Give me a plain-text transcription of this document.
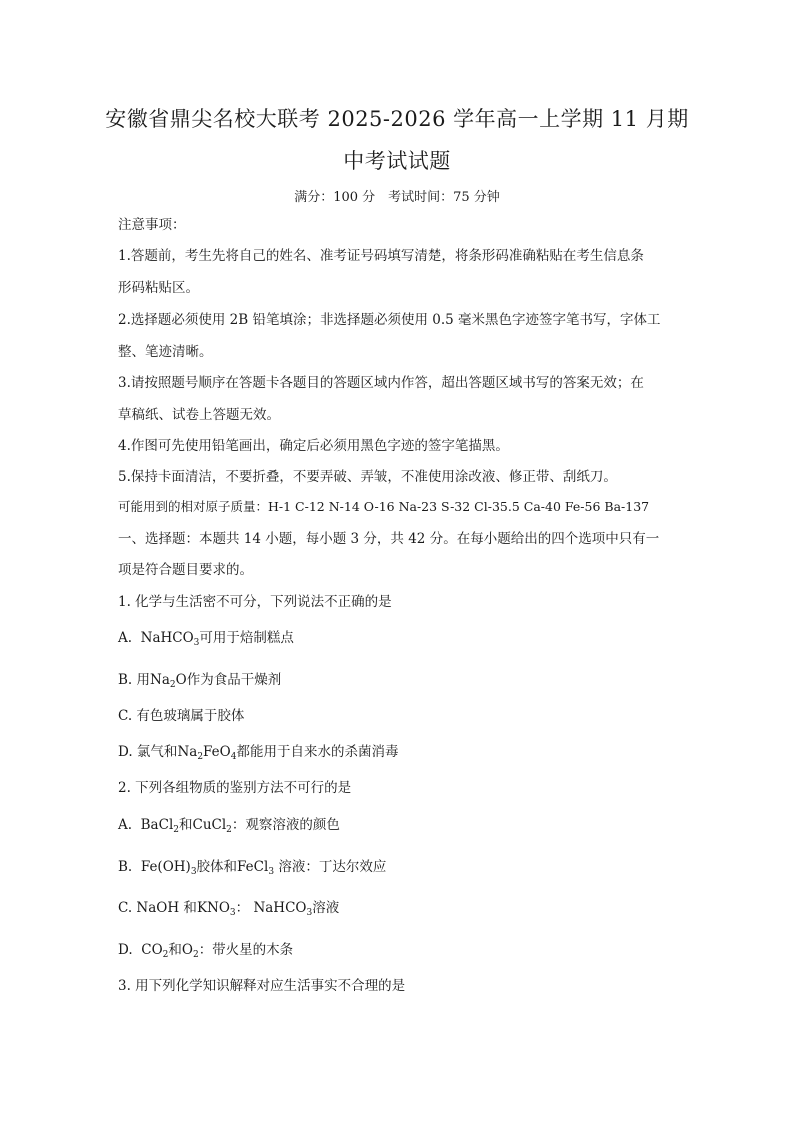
安徽省鼎尖名校大联考 2025-2026 学年高一上学期 11 月期
中考试试题
满分：100 分　考试时间：75 分钟
注意事项：
1.答题前，考生先将自己的姓名、准考证号码填写清楚，将条形码准确粘贴在考生信息条
形码粘贴区。
2.选择题必须使用 2B 铅笔填涂；非选择题必须使用 0.5 毫米黑色字迹签字笔书写，字体工
整、笔迹清晰。
3.请按照题号顺序在答题卡各题目的答题区域内作答，超出答题区域书写的答案无效；在
草稿纸、试卷上答题无效。
4.作图可先使用铅笔画出，确定后必须用黑色字迹的签字笔描黑。
5.保持卡面清洁，不要折叠，不要弄破、弄皱，不准使用涂改液、修正带、刮纸刀。
可能用到的相对原子质量：H-1 C-12 N-14 O-16 Na-23 S-32 Cl-35.5 Ca-40 Fe-56 Ba-137
一、选择题：本题共 14 小题，每小题 3 分，共 42 分。在每小题给出的四个选项中只有一
项是符合题目要求的。
1. 化学与生活密不可分，下列说法不正确的是
A. NaHCO$_3$可用于焙制糕点
B. 用$Na_2O$作为食品干燥剂
C. 有色玻璃属于胶体
D. 氯气和$Na_2FeO_4$都能用于自来水的杀菌消毒
2. 下列各组物质的鉴别方法不可行的是
A. BaCl$_2$和CuCl$_2$：观察溶液的颜色
B. $Fe(OH)_3$胶体和FeCl$_3$ 溶液：丁达尔效应
C. NaOH 和$KNO_3$： NaHCO$_3$溶液
D. $CO_2$和$O_2$：带火星的木条
3. 用下列化学知识解释对应生活事实不合理的是
